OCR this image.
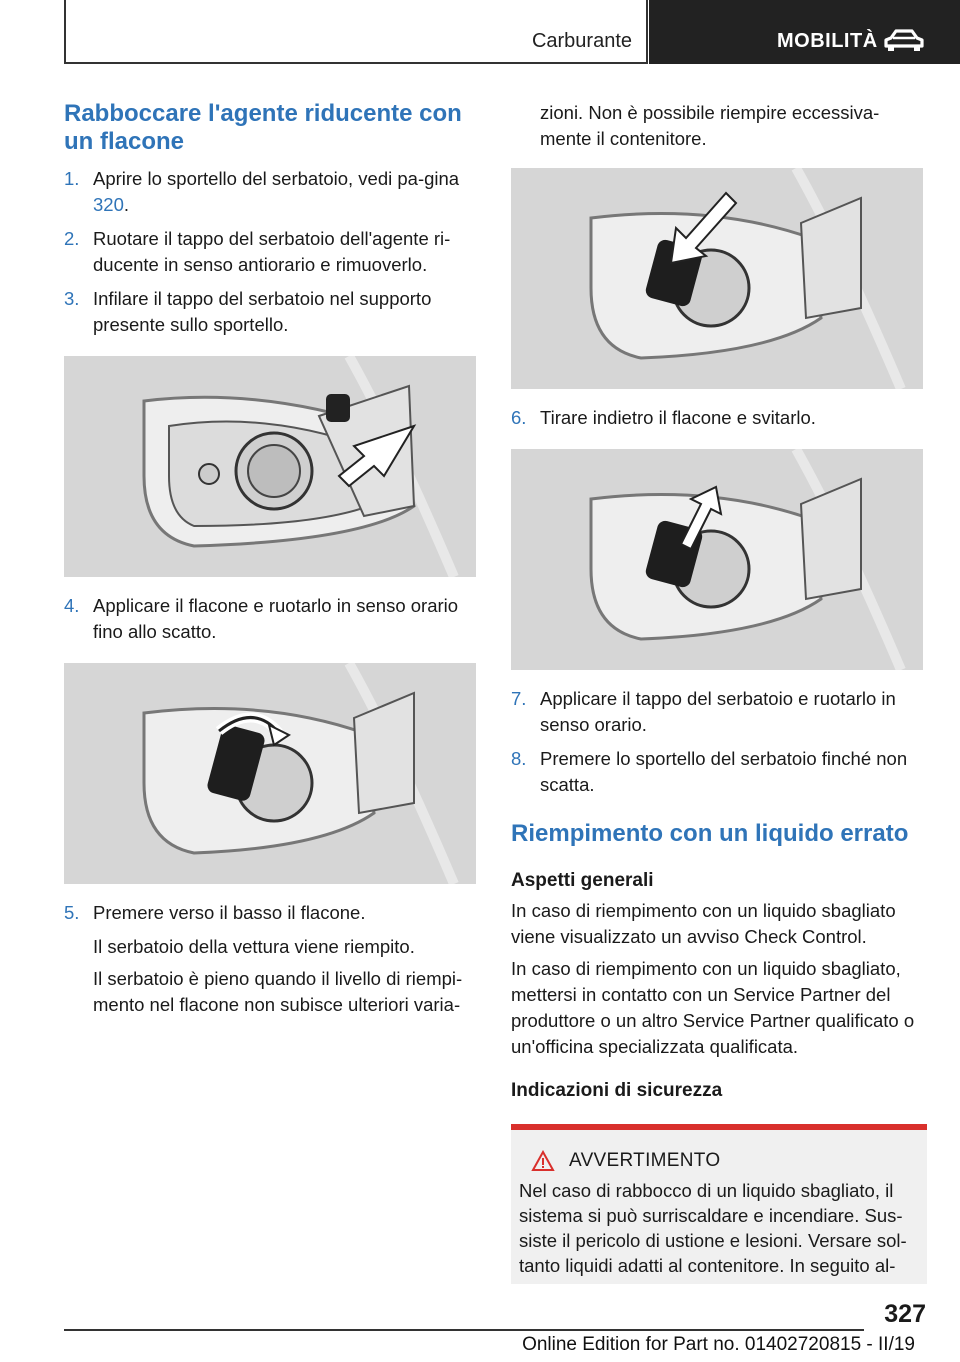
Carburante	MOBILITÀ
Rabboccare l'agente riducente con un flacone
1. Aprire lo sportello del serbatoio, vedi pa-gina 320.
2. Ruotare il tappo del serbatoio dell'agente ri-ducente in senso antiorario e rimuoverlo.
3. Infilare il tappo del serbatoio nel supporto presente sullo sportello.
4. Applicare il flacone e ruotarlo in senso orario fino allo scatto.
5. Premere verso il basso il flacone.

Il serbatoio della vettura viene riempito.

Il serbatoio è pieno quando il livello di riempi-mento nel flacone non subisce ulteriori varia-

zioni. Non è possibile riempire eccessiva-mente il contenitore.

6. Tirare indietro il flacone e svitarlo.
7. Applicare il tappo del serbatoio e ruotarlo in senso orario.
8. Premere lo sportello del serbatoio finché non scatta.
Riempimento con un liquido errato
Aspetti generali

In caso di riempimento con un liquido sbagliato viene visualizzato un avviso Check Control.

In caso di riempimento con un liquido sbagliato, mettersi in contatto con un Service Partner del produttore o un altro Service Partner qualificato o un'officina specializzata qualificata.

Indicazioni di sicurezza
AVVERTIMENTO

Nel caso di rabbocco di un liquido sbagliato, il sistema si può surriscaldare e incendiare. Sus-siste il pericolo di ustione e lesioni. Versare sol-tanto liquidi adatti al contenitore. In seguito al-

327
Online Edition for Part no. 01402720815 - II/19
